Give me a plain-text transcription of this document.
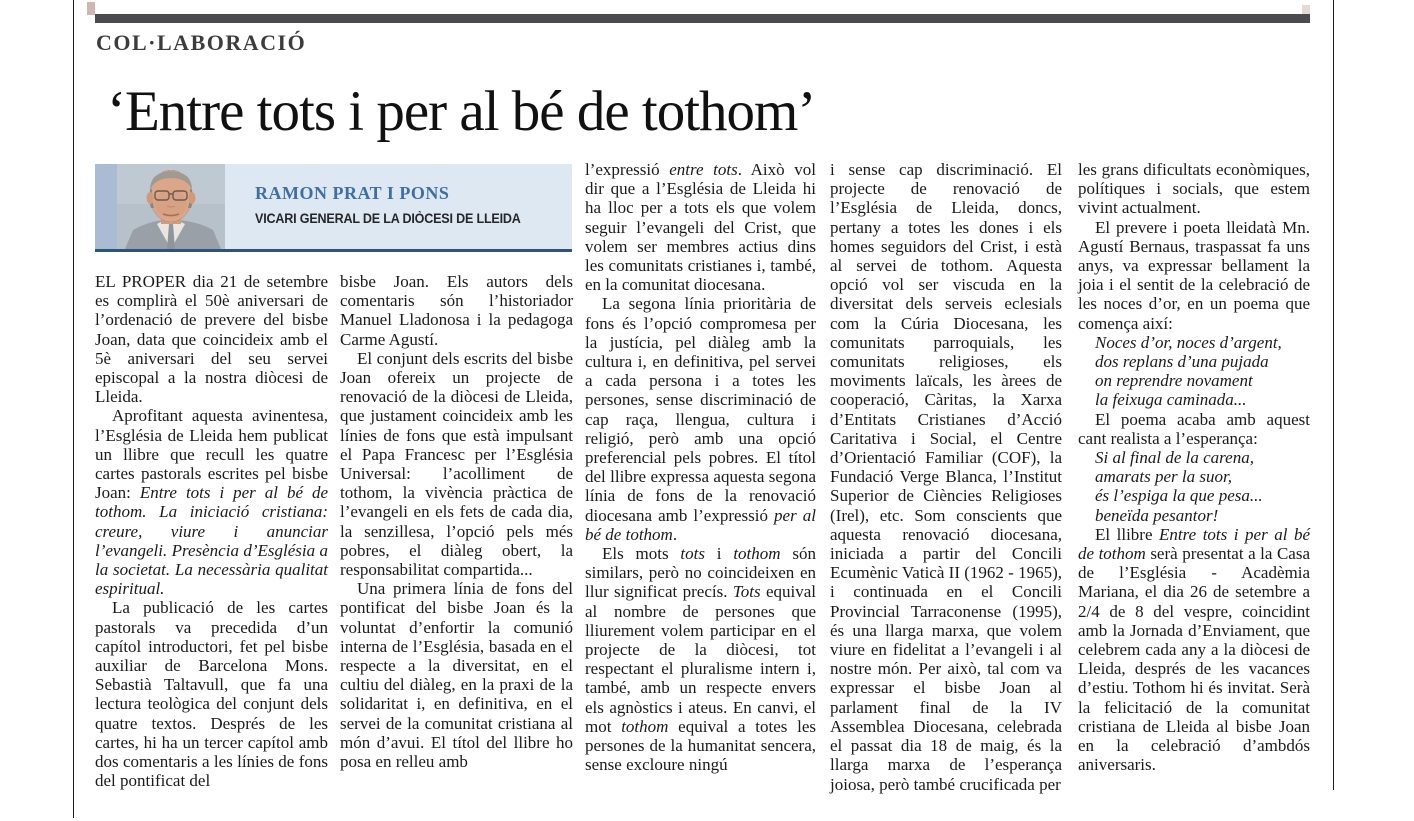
COL·LABORACIÓ
‘Entre tots i per al bé de tothom’
RAMON PRAT I PONS
VICARI GENERAL DE LA DIÒCESI DE LLEIDA

EL PROPER dia 21 de setembre es complirà el 50è aniversari de l’ordenació de prevere del bisbe Joan, data que coincideix amb el 5è aniversari del seu servei episcopal a la nostra diòcesi de Lleida.

Aprofitant aquesta avinentesa, l’Església de Lleida hem publicat un llibre que recull les quatre cartes pastorals escrites pel bisbe Joan: Entre tots i per al bé de tothom. La iniciació cristiana: creure, viure i anunciar l’evangeli. Presència d’Església a la societat. La necessària qualitat espiritual.

La publicació de les cartes pastorals va precedida d’un capítol introductori, fet pel bisbe auxiliar de Barcelona Mons. Sebastià Taltavull, que fa una lectura teològica del conjunt dels quatre textos. Després de les cartes, hi ha un tercer capítol amb dos comentaris a les línies de fons del pontificat del

bisbe Joan. Els autors dels comentaris són l’historiador Manuel Lladonosa i la pedagoga Carme Agustí.

El conjunt dels escrits del bisbe Joan ofereix un projecte de renovació de la diòcesi de Lleida, que justament coincideix amb les línies de fons que està impulsant el Papa Francesc per l’Església Universal: l’acolliment de tothom, la vivència pràctica de l’evangeli en els fets de cada dia, la senzillesa, l’opció pels més pobres, el diàleg obert, la responsabilitat compartida...

Una primera línia de fons del pontificat del bisbe Joan és la voluntat d’enfortir la comunió interna de l’Església, basada en el respecte a la diversitat, en el cultiu del diàleg, en la praxi de la solidaritat i, en definitiva, en el servei de la comunitat cristiana al món d’avui. El títol del llibre ho posa en relleu amb

l’expressió entre tots. Això vol dir que a l’Església de Lleida hi ha lloc per a tots els que volem seguir l’evangeli del Crist, que volem ser membres actius dins les comunitats cristianes i, també, en la comunitat diocesana.

La segona línia prioritària de fons és l’opció compromesa per la justícia, pel diàleg amb la cultura i, en definitiva, pel servei a cada persona i a totes les persones, sense discriminació de cap raça, llengua, cultura i religió, però amb una opció preferencial pels pobres. El títol del llibre expressa aquesta segona línia de fons de la renovació diocesana amb l’expressió per al bé de tothom.

Els mots tots i tothom són similars, però no coincideixen en llur significat precís. Tots equival al nombre de persones que lliurement volem participar en el projecte de la diòcesi, tot respectant el pluralisme intern i, també, amb un respecte envers els agnòstics i ateus. En canvi, el mot tothom equival a totes les persones de la humanitat sencera, sense excloure ningú

i sense cap discriminació. El projecte de renovació de l’Església de Lleida, doncs, pertany a totes les dones i els homes seguidors del Crist, i està al servei de tothom. Aquesta opció vol ser viscuda en la diversitat dels serveis eclesials com la Cúria Diocesana, les comunitats parroquials, les comunitats religioses, els moviments laïcals, les àrees de cooperació, Càritas, la Xarxa d’Entitats Cristianes d’Acció Caritativa i Social, el Centre d’Orientació Familiar (COF), la Fundació Verge Blanca, l’Institut Superior de Ciències Religioses (Irel), etc. Som conscients que aquesta renovació diocesana, iniciada a partir del Concili Ecumènic Vaticà II (1962 - 1965), i continuada en el Concili Provincial Tarraconense (1995), és una llarga marxa, que volem viure en fidelitat a l’evangeli i al nostre món. Per això, tal com va expressar el bisbe Joan al parlament final de la IV Assemblea Diocesana, celebrada el passat dia 18 de maig, és la llarga marxa de l’esperança joiosa, però també crucificada per

les grans dificultats econòmiques, polítiques i socials, que estem vivint actualment.

El prevere i poeta lleidatà Mn. Agustí Bernaus, traspassat fa uns anys, va expressar bellament la joia i el sentit de la celebració de les noces d’or, en un poema que comença així:

Noces d’or, noces d’argent,

dos replans d’una pujada

on reprendre novament

la feixuga caminada...

El poema acaba amb aquest cant realista a l’esperança:

Si al final de la carena,

amarats per la suor,

és l’espiga la que pesa...

beneïda pesantor!

El llibre Entre tots i per al bé de tothom serà presentat a la Casa de l’Església - Acadèmia Mariana, el dia 26 de setembre a 2/4 de 8 del vespre, coincidint amb la Jornada d’Enviament, que celebrem cada any a la diòcesi de Lleida, després de les vacances d’estiu. Tothom hi és invitat. Serà la felicitació de la comunitat cristiana de Lleida al bisbe Joan en la celebració d’ambdós aniversaris.
